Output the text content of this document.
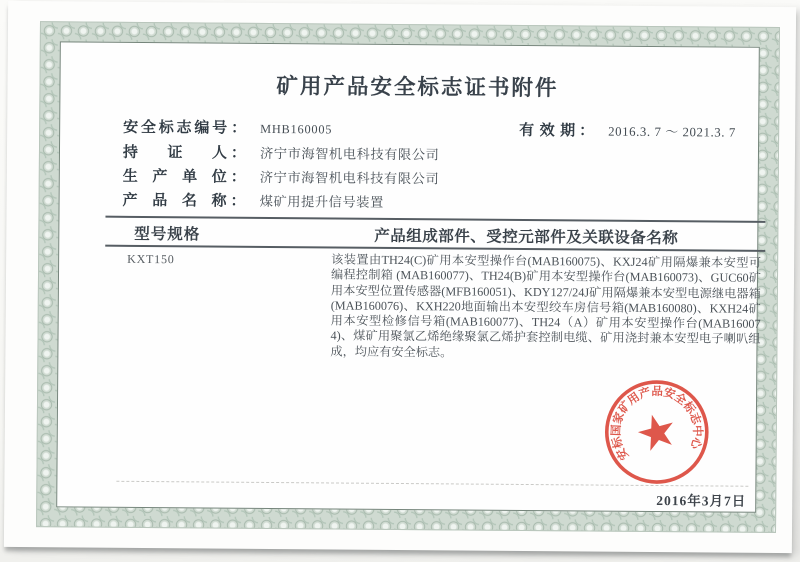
矿用产品安全标志证书附件
安全标志编号 ： MHB160005	有效期 ： 2016.3. 7 ～ 2021.3. 7
持证人 ： 济宁市海智机电科技有限公司
生产单位 ： 济宁市海智机电科技有限公司
产品名称 ： 煤矿用提升信号装置
型号规格	产品组成部件、受控元部件及关联设备名称
KXT150	该装置由TH24(C)矿用本安型操作台(MAB160075)、KXJ24矿用隔爆兼本安型可编程控制箱 (MAB160077)、TH24(B)矿用本安型操作台(MAB160073)、GUC60矿用本安型位置传感器(MFB160051)、KDY127/24J矿用隔爆兼本安型电源继电器箱(MAB160076)、KXH220地面输出本安型绞车房信号箱(MAB160080)、KXH24矿用本安型检修信号箱(MAB160077)、TH24（A）矿用本安型操作台(MAB160074)、煤矿用聚氯乙烯绝缘聚氯乙烯护套控制电缆、矿用浇封兼本安型电子喇叭组成，均应有安全标志。
安标国家矿用产品安全标志中心
2016年3月7日
